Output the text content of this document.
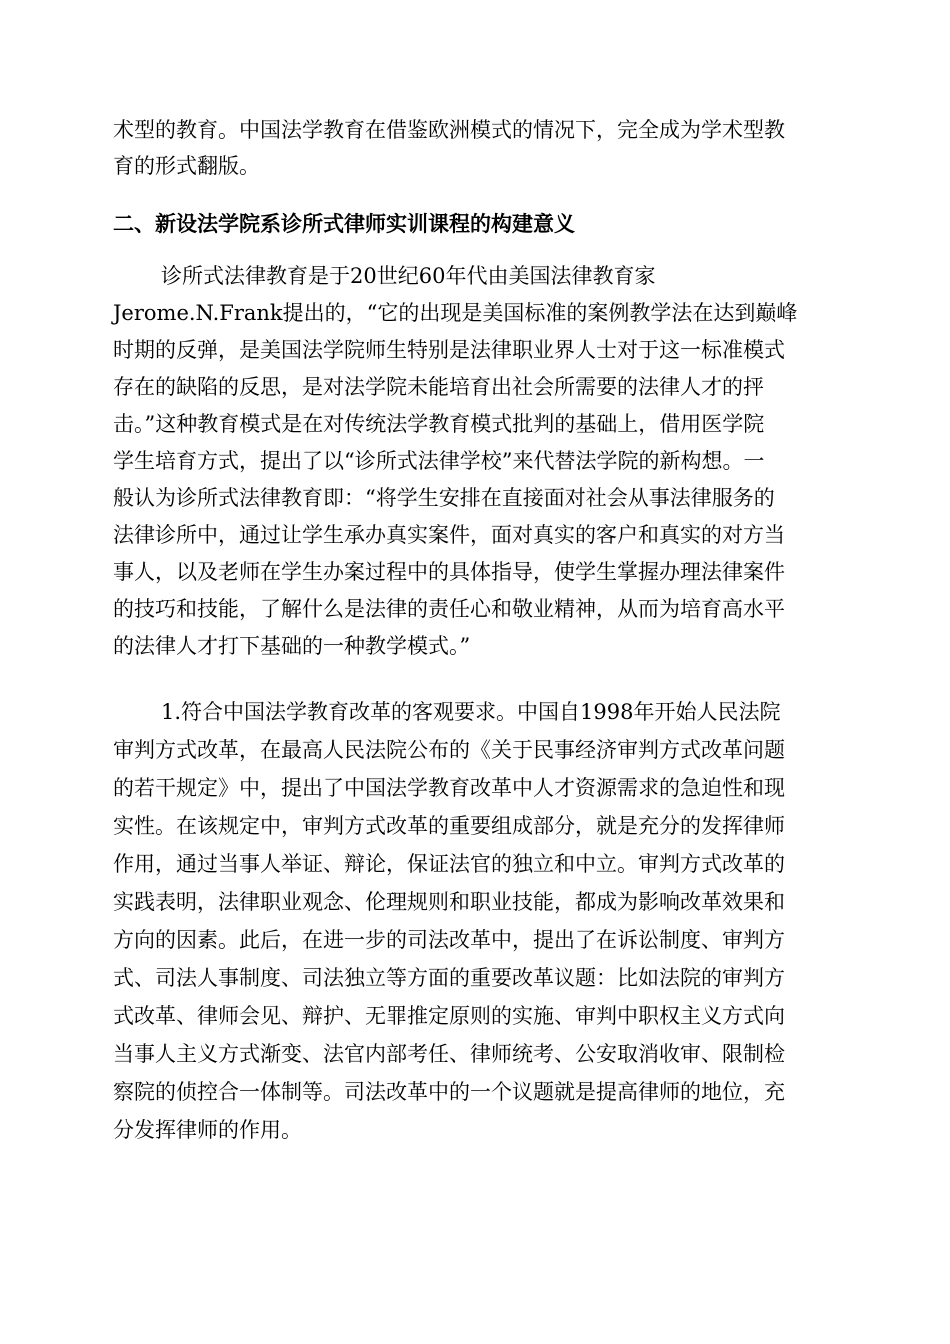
术型的教育。中国法学教育在借鉴欧洲模式的情况下，完全成为学术型教
育的形式翻版。
二、新设法学院系诊所式律师实训课程的构建意义
诊所式法律教育是于20世纪60年代由美国法律教育家
Jerome.N.Frank提出的，“它的出现是美国标准的案例教学法在达到巅峰
时期的反弹，是美国法学院师生特别是法律职业界人士对于这一标准模式
存在的缺陷的反思，是对法学院未能培育出社会所需要的法律人才的抨
击。”这种教育模式是在对传统法学教育模式批判的基础上，借用医学院
学生培育方式，提出了以“诊所式法律学校”来代替法学院的新构想。一
般认为诊所式法律教育即：“将学生安排在直接面对社会从事法律服务的
法律诊所中，通过让学生承办真实案件，面对真实的客户和真实的对方当
事人，以及老师在学生办案过程中的具体指导，使学生掌握办理法律案件
的技巧和技能，了解什么是法律的责任心和敬业精神，从而为培育高水平
的法律人才打下基础的一种教学模式。”
1.符合中国法学教育改革的客观要求。中国自1998年开始人民法院
审判方式改革，在最高人民法院公布的《关于民事经济审判方式改革问题
的若干规定》中，提出了中国法学教育改革中人才资源需求的急迫性和现
实性。在该规定中，审判方式改革的重要组成部分，就是充分的发挥律师
作用，通过当事人举证、辩论，保证法官的独立和中立。审判方式改革的
实践表明，法律职业观念、伦理规则和职业技能，都成为影响改革效果和
方向的因素。此后，在进一步的司法改革中，提出了在诉讼制度、审判方
式、司法人事制度、司法独立等方面的重要改革议题：比如法院的审判方
式改革、律师会见、辩护、无罪推定原则的实施、审判中职权主义方式向
当事人主义方式渐变、法官内部考任、律师统考、公安取消收审、限制检
察院的侦控合一体制等。司法改革中的一个议题就是提高律师的地位，充
分发挥律师的作用。
